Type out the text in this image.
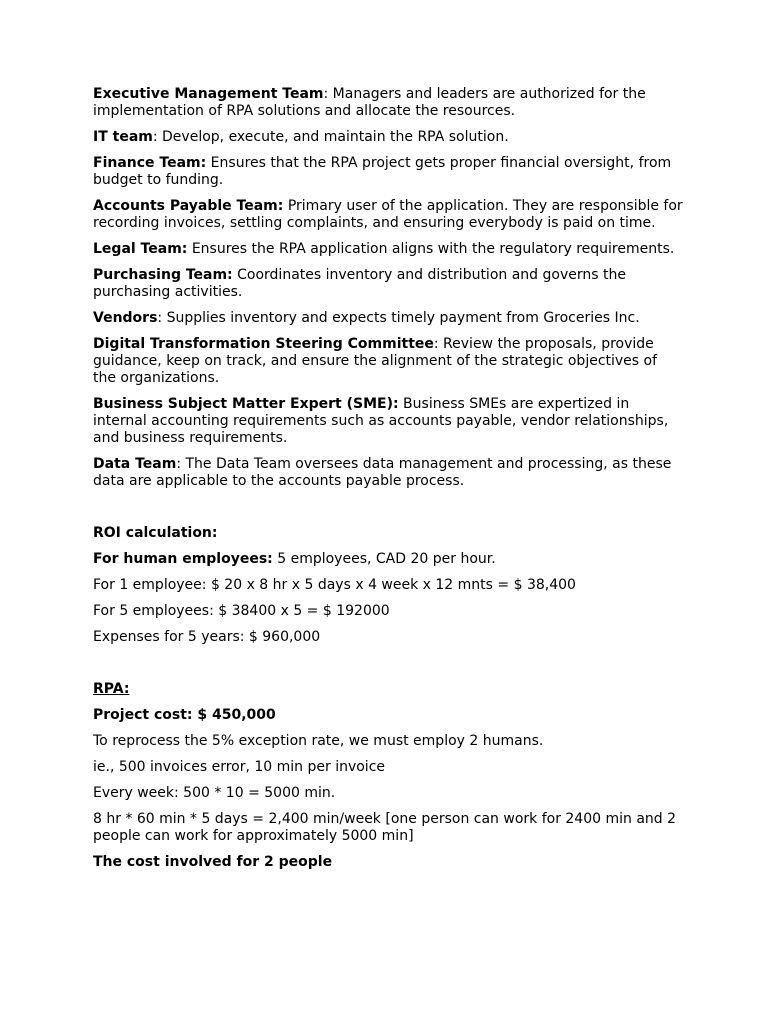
Executive Management Team: Managers and leaders are authorized for the implementation of RPA solutions and allocate the resources.

IT team: Develop, execute, and maintain the RPA solution.

Finance Team: Ensures that the RPA project gets proper financial oversight, from budget to funding.

Accounts Payable Team: Primary user of the application. They are responsible for recording invoices, settling complaints, and ensuring everybody is paid on time.

Legal Team: Ensures the RPA application aligns with the regulatory requirements.

Purchasing Team: Coordinates inventory and distribution and governs the purchasing activities.

Vendors: Supplies inventory and expects timely payment from Groceries Inc.

Digital Transformation Steering Committee: Review the proposals, provide guidance, keep on track, and ensure the alignment of the strategic objectives of the organizations.

Business Subject Matter Expert (SME): Business SMEs are expertized in internal accounting requirements such as accounts payable, vendor relationships, and business requirements.

Data Team: The Data Team oversees data management and processing, as these data are applicable to the accounts payable process.

ROI calculation:

For human employees: 5 employees, CAD 20 per hour.

For 1 employee: $ 20 x 8 hr x 5 days x 4 week x 12 mnts = $ 38,400

For 5 employees: $ 38400 x 5 = $ 192000

Expenses for 5 years: $ 960,000

RPA:

Project cost: $ 450,000

To reprocess the 5% exception rate, we must employ 2 humans.

ie., 500 invoices error, 10 min per invoice

Every week: 500 * 10 = 5000 min.

8 hr * 60 min * 5 days = 2,400 min/week [one person can work for 2400 min and 2 people can work for approximately 5000 min]

The cost involved for 2 people
